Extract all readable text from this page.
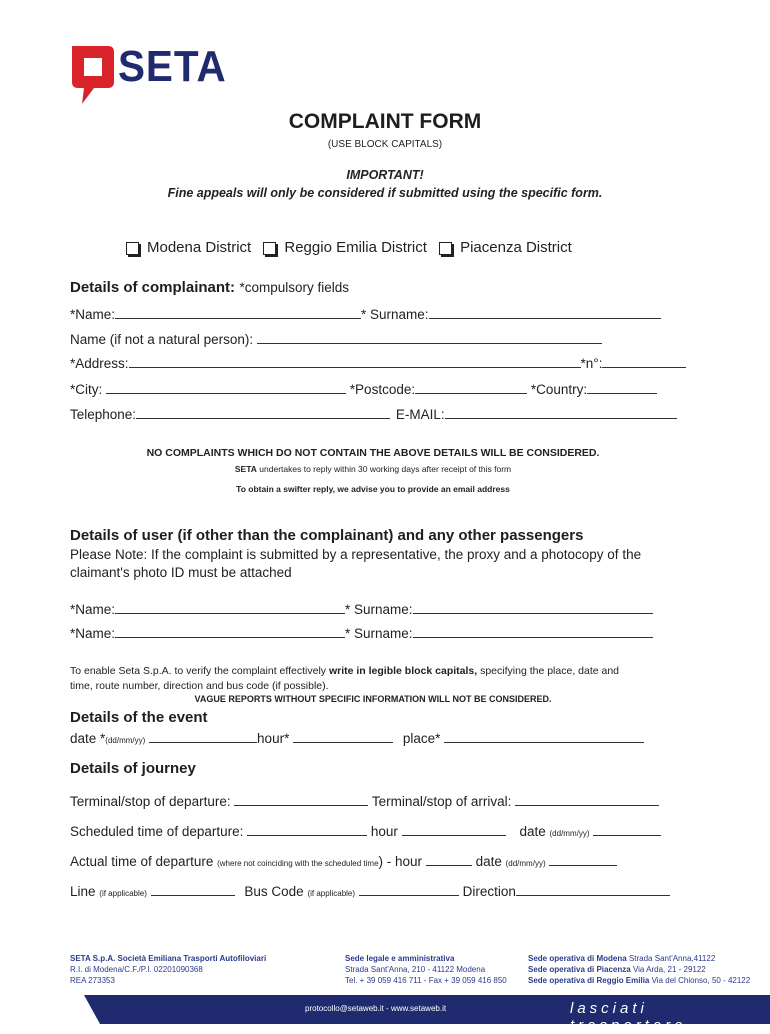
SETA
COMPLAINT FORM
(USE BLOCK CAPITALS)
IMPORTANT!
Fine appeals will only be considered if submitted using the specific form.
Modena District Reggio Emilia District Piacenza District
Details of complainant: *compulsory fields
*Name:	* Surname:
Name (if not a natural person):
*Address:	*n°:
*City:	*Postcode:	*Country:
Telephone:	E-MAIL:
NO COMPLAINTS WHICH DO NOT CONTAIN THE ABOVE DETAILS WILL BE CONSIDERED.
SETA undertakes to reply within 30 working days after receipt of this form
To obtain a swifter reply, we advise you to provide an email address
Details of user (if other than the complainant) and any other passengers
Please Note: If the complaint is submitted by a representative, the proxy and a photocopy of the
claimant's photo ID must be attached
*Name:	* Surname:
*Name:	* Surname:
To enable Seta S.p.A. to verify the complaint effectively write in legible block capitals, specifying the place, date and
time, route number, direction and bus code (if possible).
VAGUE REPORTS WITHOUT SPECIFIC INFORMATION WILL NOT BE CONSIDERED.
Details of the event
date *(dd/mm/yy)	hour*	place*
Details of journey
Terminal/stop of departure:	Terminal/stop of arrival:
Scheduled time of departure:	hour	date (dd/mm/yy)
Actual time of departure (where not coinciding with the scheduled time) - hour	date (dd/mm/yy)
Line (if applicable)	Bus Code (if applicable)	Direction
SETA S.p.A. Società Emiliana Trasporti Autofiloviari
R.I. di Modena/C.F./P.I. 02201090368
REA 273353
Sede legale e amministrativa
Strada Sant'Anna, 210 - 41122 Modena
Tel. + 39 059 416 711 - Fax + 39 059 416 850
Sede operativa di Modena Strada Sant'Anna,41122
Sede operativa di Piacenza Via Arda, 21 - 29122
Sede operativa di Reggio Emilia Via del Chionso, 50 - 42122
protocollo@setaweb.it - www.setaweb.it	lasciati trasportare
